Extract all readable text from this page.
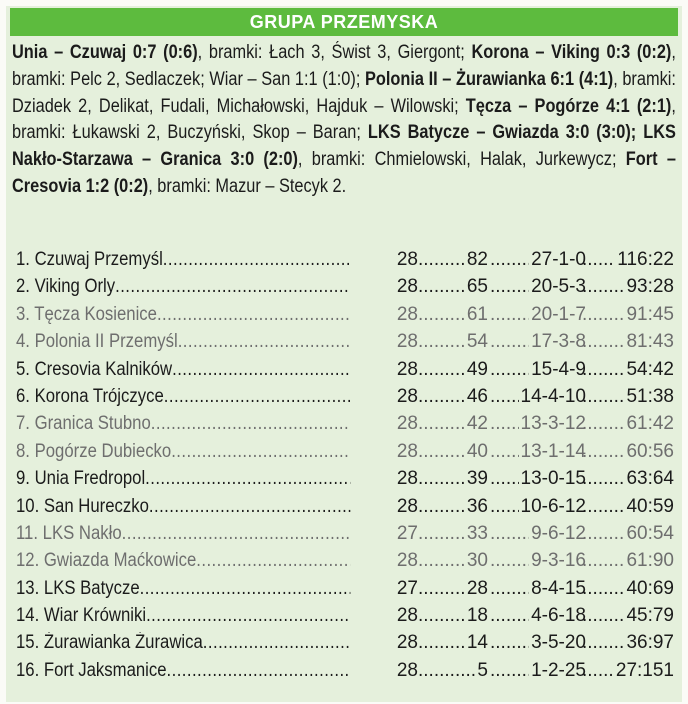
GRUPA PRZEMYSKA
Unia – Czuwaj 0:7 (0:6), bramki: Łach 3, Świst 3, Giergont; Korona – Viking 0:3 (0:2), bramki: Pelc 2, Sedlaczek; Wiar – San 1:1 (1:0); Polonia II – Żurawianka 6:1 (4:1), bramki: Dziadek 2, Delikat, Fudali, Michałowski, Hajduk – Wilowski; Tęcza – Pogórze 4:1 (2:1), bramki: Łukawski 2, Buczyński, Skop – Baran; LKS Batycze – Gwiazda 3:0 (3:0); LKS Nakło-Starzawa – Granica 3:0 (2:0), bramki: Chmielowski, Halak, Jurkewycz; Fort – Cresovia 1:2 (0:2), bramki: Mazur – Stecyk 2.
1. Czuwaj Przemyśl .....	28	..... 82 ..... 27-1-0 ..... 116:22
2. Viking Orly .....	28	..... 65 ..... 20-5-3 ..... 93:28
3. Tęcza Kosienice .....	28	..... 61 ..... 20-1-7 ..... 91:45
4. Polonia II Przemyśl .....	28	..... 54 ..... 17-3-8 ..... 81:43
5. Cresovia Kalników .....	28	..... 49 ..... 15-4-9 ..... 54:42
6. Korona Trójczyce .....	28	..... 46 ..... 14-4-10 ..... 51:38
7. Granica Stubno .....	28	..... 42 ..... 13-3-12 ..... 61:42
8. Pogórze Dubiecko .....	28	..... 40 ..... 13-1-14 ..... 60:56
9. Unia Fredropol .....	28	..... 39 ..... 13-0-15 ..... 63:64
10. San Hureczko .....	28	..... 36 ..... 10-6-12 ..... 40:59
11. LKS Nakło .....	27	..... 33 ..... 9-6-12 ..... 60:54
12. Gwiazda Maćkowice .....	28	..... 30 ..... 9-3-16 ..... 61:90
13. LKS Batycze .....	27	..... 28 ..... 8-4-15 ..... 40:69
14. Wiar Krówniki .....	28	..... 18 ..... 4-6-18 ..... 45:79
15. Żurawianka Żurawica .....	28	..... 14 ..... 3-5-20 ..... 36:97
16. Fort Jaksmanice .....	28	..... 5 ..... 1-2-25 ..... 27:151
